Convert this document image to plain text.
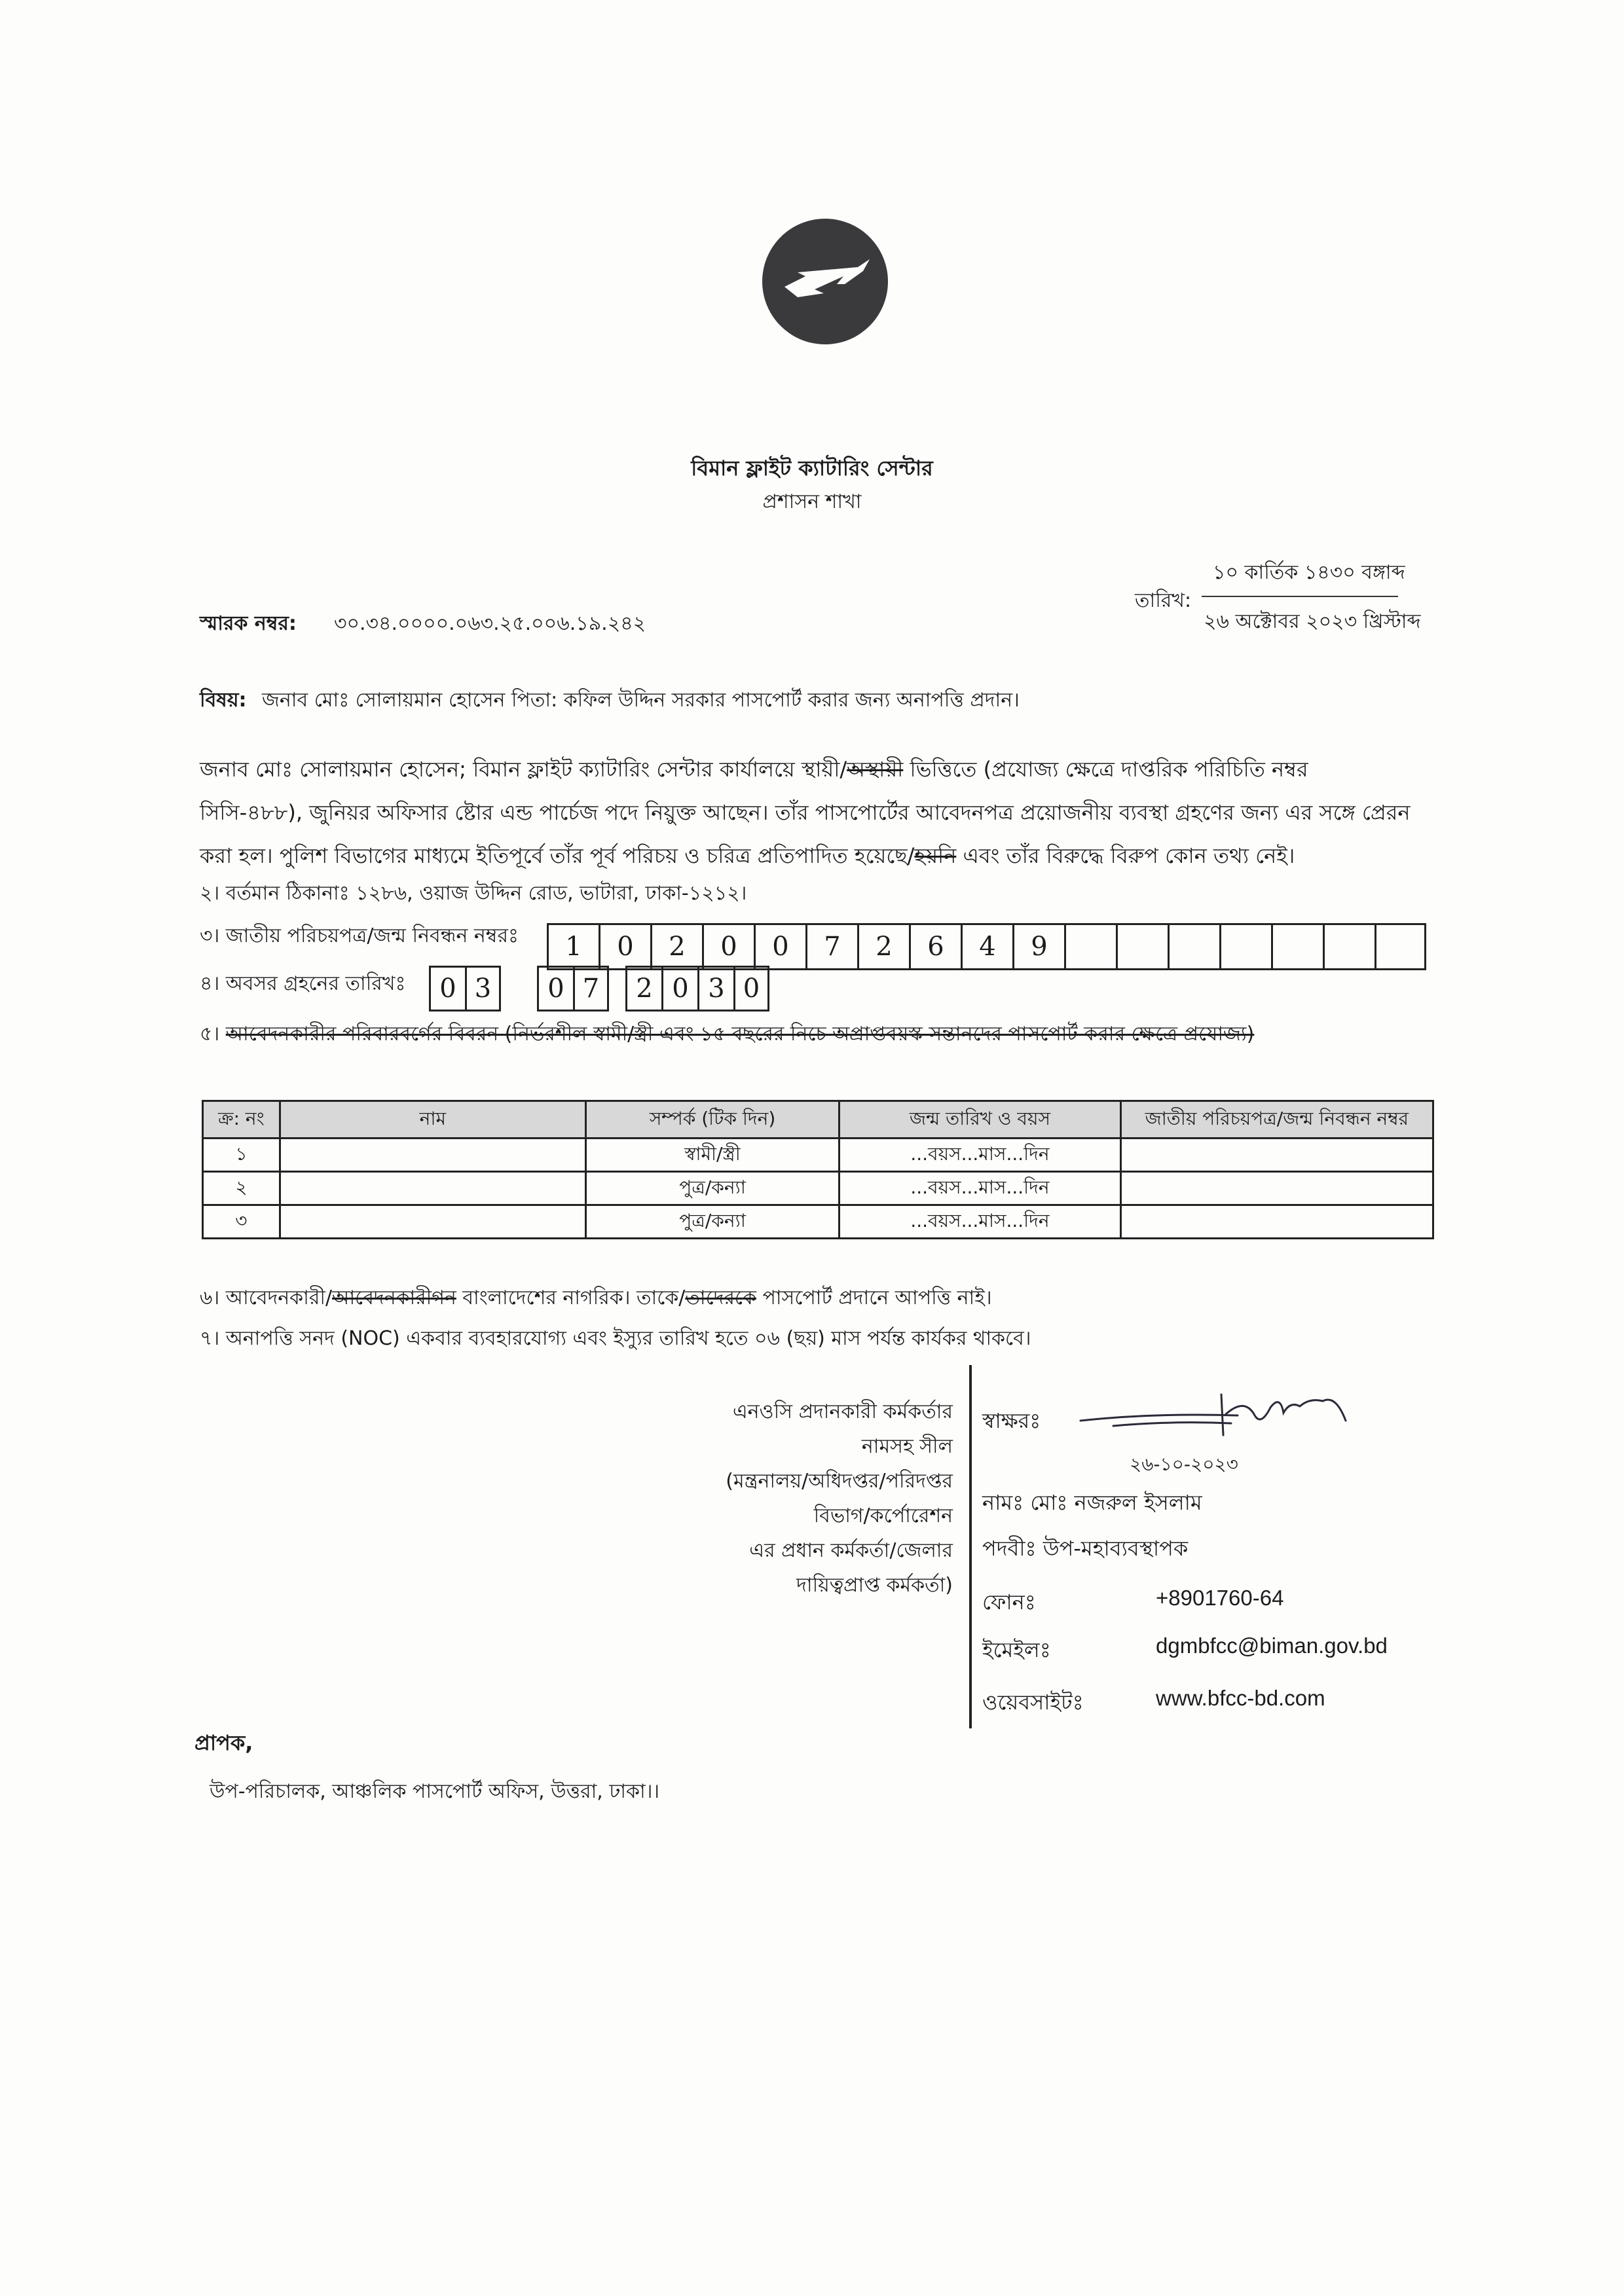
বিমান ফ্লাইট ক্যাটারিং সেন্টার
প্রশাসন শাখা
১০ কার্তিক ১৪৩০ বঙ্গাব্দ
তারিখ:
২৬ অক্টোবর ২০২৩ খ্রিস্টাব্দ
স্মারক নম্বর: ৩০.৩৪.০০০০.০৬৩.২৫.০০৬.১৯.২৪২
বিষয়: জনাব মোঃ সোলায়মান হোসেন পিতা: কফিল উদ্দিন সরকার পাসপোর্ট করার জন্য অনাপত্তি প্রদান।
জনাব মোঃ সোলায়মান হোসেন; বিমান ফ্লাইট ক্যাটারিং সেন্টার কার্যালয়ে স্থায়ী/অস্থায়ী ভিত্তিতে (প্রযোজ্য ক্ষেত্রে দাপ্তরিক পরিচিতি নম্বর
সিসি-৪৮৮), জুনিয়র অফিসার ষ্টোর এন্ড পার্চেজ পদে নিয়ুক্ত আছেন। তাঁর পাসপোর্টের আবেদনপত্র প্রয়োজনীয় ব্যবস্থা গ্রহণের জন্য এর সঙ্গে প্রেরন
করা হল। পুলিশ বিভাগের মাধ্যমে ইতিপূর্বে তাঁর পূর্ব পরিচয় ও চরিত্র প্রতিপাদিত হয়েছে/হয়নি এবং তাঁর বিরুদ্ধে বিরুপ কোন তথ্য নেই।
২। বর্তমান ঠিকানাঃ ১২৮৬, ওয়াজ উদ্দিন রোড, ভাটারা, ঢাকা-১২১২।
৩। জাতীয় পরিচয়পত্র/জন্ম নিবন্ধন নম্বরঃ	1	0	2	0	0	7	2	6	4	9
৪। অবসর গ্রহনের তারিখঃ	0 3	0 7	2 0 3 0
৫। আবেদনকারীর পরিবারবর্গের বিবরন (নির্ভরশীল স্বামী/স্ত্রী এবং ১৫ বছরের নিচে অপ্রাপ্তবয়স্ক সন্তানদের পাসপোর্ট করার ক্ষেত্রে প্রযোজ্য)
ক্র: নং	নাম	সম্পর্ক (টিক দিন)	জন্ম তারিখ ও বয়স	জাতীয় পরিচয়পত্র/জন্ম নিবন্ধন নম্বর
১		স্বামী/স্ত্রী	...বয়স...মাস...দিন	
২		পুত্র/কন্যা	...বয়স...মাস...দিন	
৩		পুত্র/কন্যা	...বয়স...মাস...দিন	
৬। আবেদনকারী/আবেদনকারীগন বাংলাদেশের নাগরিক। তাকে/তাদেরকে পাসপোর্ট প্রদানে আপত্তি নাই।
৭। অনাপত্তি সনদ (NOC) একবার ব্যবহারযোগ্য এবং ইস্যুর তারিখ হতে ০৬ (ছয়) মাস পর্যন্ত কার্যকর থাকবে।
এনওসি প্রদানকারী কর্মকর্তার
নামসহ সীল
(মন্ত্রনালয়/অধিদপ্তর/পরিদপ্তর
বিভাগ/কর্পোরেশন
এর প্রধান কর্মকর্তা/জেলার
দায়িত্বপ্রাপ্ত কর্মকর্তা)
স্বাক্ষরঃ
২৬-১০-২০২৩
নামঃ মোঃ নজরুল ইসলাম
পদবীঃ উপ-মহাব্যবস্থাপক
ফোনঃ	+8901760-64
ইমেইলঃ	dgmbfcc@biman.gov.bd
ওয়েবসাইটঃ	www.bfcc-bd.com
প্রাপক,
উপ-পরিচালক, আঞ্চলিক পাসপোর্ট অফিস, উত্তরা, ঢাকা।।
